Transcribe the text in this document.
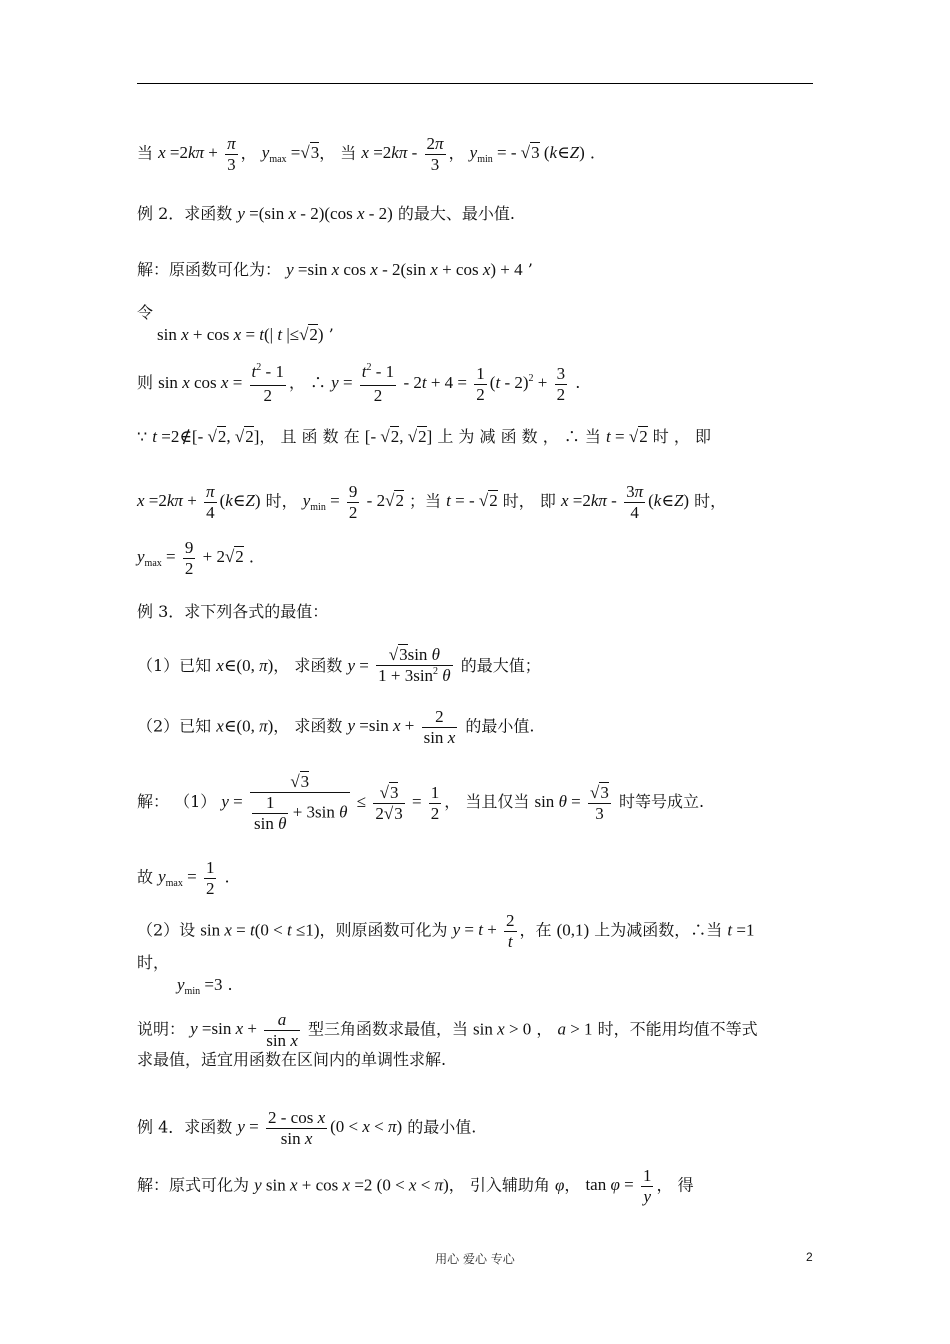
当 $x =2k\pi + \frac{\pi}{3}$ ， $y_{max} =√3$， 当 $x =2k\pi - \frac{2\pi}{3}$ ， $y_{min}$ = - √3 (k∈Z) .
例 2．求函数 y =(sin x - 2)(cos x - 2) 的最大、最小值.
解：原函数可化为： y =sin x cos x - 2(sin x + cos x) + 4 ’
令
sin x + cos x = t(| t |≤√2) ’
则 sin x $\cos x = \frac{t^2 - 1}{2}$ ， ∴ $y = \frac{t^2 - 1}{2} - 2t + 4 = \frac{1}{2} (t - 2)^2 + \frac{3}{2}$ .
∵ t =2∉[- √2, √2]， 且 函 数 在 [- √2, √2] 上 为 减 函 数 ， ∴ 当 t = √2 时 ， 即
$x =2k\pi + \frac{\pi}{4}$ (k∈Z) 时， $y_{min} = \frac{9}{2} - 2√2$ ；当 t = - √2 时， 即 $x =2k\pi - \frac{3\pi}{4}$ (k∈Z) 时，
$y_{max} = \frac{9}{2} + 2√2$ .
例 3．求下列各式的最值：
（1）已知 x∈(0, π)， 求函数 $y = \frac{\text{√3sin θ}}{1 + 3\sin^2 \theta}$ 的最大值；
（2）已知 x∈(0, π)， 求函数 y =sin $x + \frac{2}{\text{sin x}}$ 的最小值.
解： （1） $y = \frac{√3}{\frac{1}{\text{sin θ}} + 3\sin \theta} \le \frac{√3}{2√3} = \frac{1}{2}$ ， 当且仅当 $\sin \theta = \frac{√3}{3}$ 时等号成立.
故 $y_{max} = \frac{1}{2}$ .
（2）设 sin x = t(0 < t ≤1)，则原函数可化为 $y = t + \frac{2}{t}$ ，在 (0,1) 上为减函数，∴当 t =1
时，
$y_{min} =3$ .
说明： y =sin $x + \frac{a}{\text{sin x}}$ 型三角函数求最值，当 sin x > 0 ， a > 1 时，不能用均值不等式
求最值，适宜用函数在区间内的单调性求解.
例 4．求函数 $y = \frac{\text{2 - cos x}}{\text{sin x}} (0 < x < \pi)$ 的最小值.
解：原式可化为 y sin x + cos x =2 (0 < x < π)， 引入辅助角 φ， $\tan \varphi = \frac{1}{y}$ ， 得
用心 爱心 专心	2
